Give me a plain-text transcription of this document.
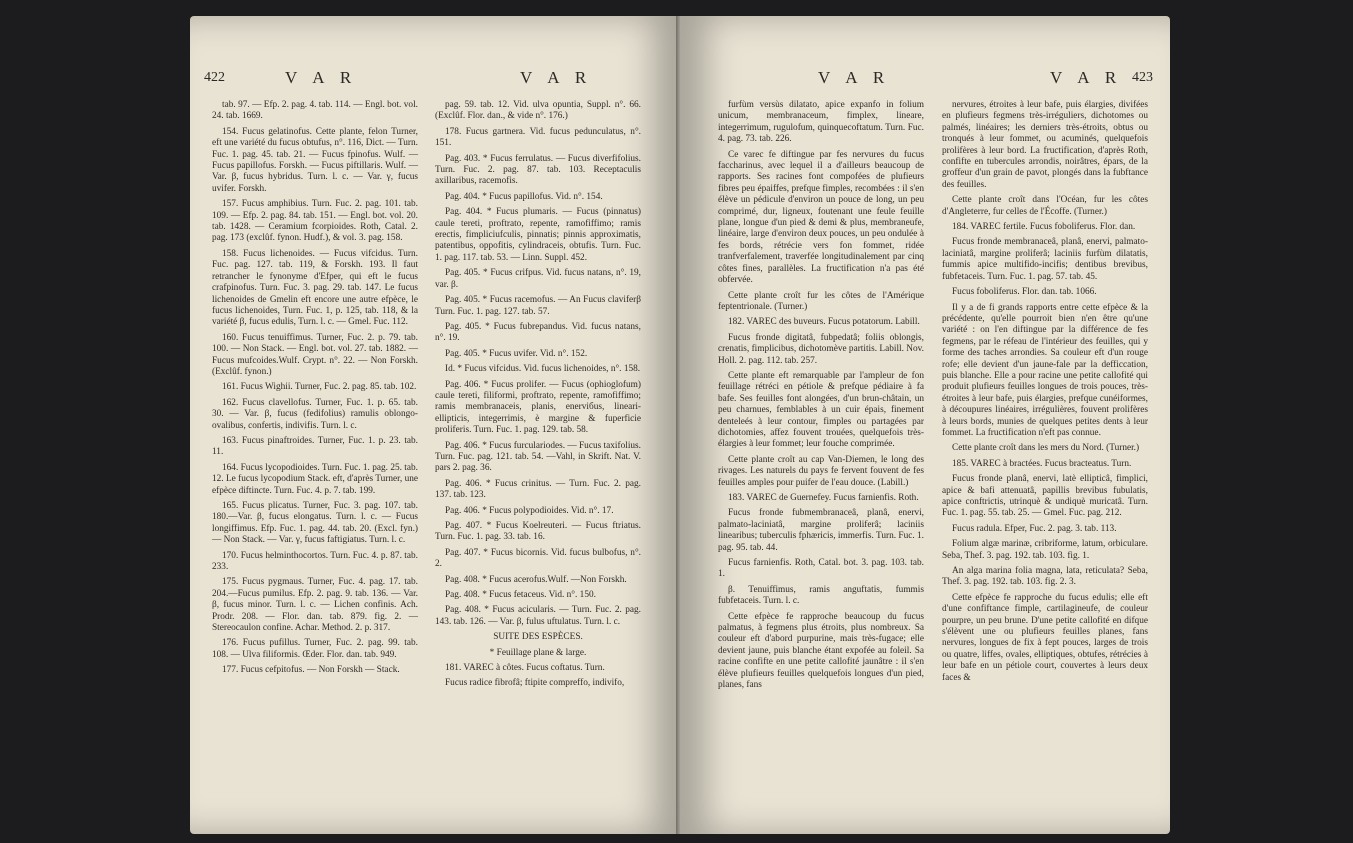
422	V A R	V A R

tab. 97. — Efp. 2. pag. 4. tab. 114. — Engl. bot. vol. 24. tab. 1669.

154. Fucus gelatinofus. Cette plante, felon Turner, eft une variété du fucus obtufus, n°. 116, Dict. — Turn. Fuc. 1. pag. 45. tab. 21. — Fucus fpinofus. Wulf. — Fucus papillofus. Forskh. — Fucus piftillaris. Wulf. — Var. β, fucus hybridus. Turn. l. c. — Var. γ, fucus uvifer. Forskh.

157. Fucus amphibius. Turn. Fuc. 2. pag. 101. tab. 109. — Efp. 2. pag. 84. tab. 151. — Engl. bot. vol. 20. tab. 1428. — Ceramium fcorpioides. Roth, Catal. 2. pag. 173 (exclûf. fynon. Hudf.), & vol. 3. pag. 158.

158. Fucus lichenoides. — Fucus vifcidus. Turn. Fuc. pag. 127. tab. 119, & Forskh. 193. Il faut retrancher le fynonyme d'Efper, qui eft le fucus crafpinofus. Turn. Fuc. 3. pag. 29. tab. 147. Le fucus lichenoides de Gmelin eft encore une autre efpèce, le fucus lichenoides, Turn. Fuc. 1, p. 125, tab. 118, & la variété β, fucus edulis, Turn. l. c. — Gmel. Fuc. 112.

160. Fucus tenuiffimus. Turner, Fuc. 2. p. 79. tab. 100. — Non Stack. — Engl. bot. vol. 27. tab. 1882. — Fucus mufcoides.Wulf. Crypt. n°. 22. — Non Forskh. (Exclûf. fynon.)

161. Fucus Wighii. Turner, Fuc. 2. pag. 85. tab. 102.

162. Fucus clavellofus. Turner, Fuc. 1. p. 65. tab. 30. — Var. β, fucus (fedifolius) ramulis oblongo-ovalibus, confertis, indivifis. Turn. l. c.

163. Fucus pinaftroides. Turner, Fuc. 1. p. 23. tab. 11.

164. Fucus lycopodioides. Turn. Fuc. 1. pag. 25. tab. 12. Le fucus lycopodium Stack. eft, d'après Turner, une efpèce diftincte. Turn. Fuc. 4. p. 7. tab. 199.

165. Fucus plicatus. Turner, Fuc. 3. pag. 107. tab. 180.—Var. β, fucus elongatus. Turn. l. c. — Fucus longiffimus. Efp. Fuc. 1. pag. 44. tab. 20. (Excl. fyn.) — Non Stack. — Var. γ, fucus faftigiatus. Turn. l. c.

170. Fucus helminthocortos. Turn. Fuc. 4. p. 87. tab. 233.

175. Fucus pygmaus. Turner, Fuc. 4. pag. 17. tab. 204.—Fucus pumilus. Efp. 2. pag. 9. tab. 136. — Var. β, fucus minor. Turn. l. c. — Lichen confinis. Ach. Prodr. 208. — Flor. dan. tab. 879. fig. 2. — Stereocaulon confine. Achar. Method. 2. p. 317.

176. Fucus pufillus. Turner, Fuc. 2. pag. 99. tab. 108. — Ulva filiformis. Œder. Flor. dan. tab. 949.

177. Fucus cefpitofus. — Non Forskh — Stack.

pag. 59. tab. 12. Vid. ulva opuntia, Suppl. n°. 66. (Exclûf. Flor. dan., & vide n°. 176.)

178. Fucus gartnera. Vid. fucus pedunculatus, n°. 151.

Pag. 403. * Fucus ferrulatus. — Fucus diverfifolius. Turn. Fuc. 2. pag. 87. tab. 103. Receptaculis axillaribus, racemofis.

Pag. 404. * Fucus papillofus. Vid. n°. 154.

Pag. 404. * Fucus plumaris. — Fucus (pinnatus) caule tereti, proftrato, repente, ramofiffimo; ramis erectis, fimpliciufculis, pinnatis; pinnis approximatis, patentibus, oppofitis, cylindraceis, obtufis. Turn. Fuc. 1. pag. 117. tab. 53. — Linn. Suppl. 452.

Pag. 405. * Fucus crifpus. Vid. fucus natans, n°. 19, var. β.

Pag. 405. * Fucus racemofus. — An Fucus claviferβ Turn. Fuc. 1. pag. 127. tab. 57.

Pag. 405. * Fucus fubrepandus. Vid. fucus natans, n°. 19.

Pag. 405. * Fucus uvifer. Vid. n°. 152.

Id. * Fucus vifcidus. Vid. fucus lichenoides, n°. 158.

Pag. 406. * Fucus prolifer. — Fucus (ophioglofum) caule tereti, filiformi, proftrato, repente, ramofiffimo; ramis membranaceis, planis, enerviбus, lineari-ellipticis, integerrimis, è margine & fuperficie proliferis. Turn. Fuc. 1. pag. 129. tab. 58.

Pag. 406. * Fucus furculariodes. — Fucus taxifolius. Turn. Fuc. pag. 121. tab. 54. —Vahl, in Skrift. Nat. V. pars 2. pag. 36.

Pag. 406. * Fucus crinitus. — Turn. Fuc. 2. pag. 137. tab. 123.

Pag. 406. * Fucus polypodioides. Vid. n°. 17.

Pag. 407. * Fucus Koelreuteri. — Fucus ftriatus. Turn. Fuc. 1. pag. 33. tab. 16.

Pag. 407. * Fucus bicornis. Vid. fucus bulbofus, n°. 2.

Pag. 408. * Fucus acerofus.Wulf. —Non Forskh.

Pag. 408. * Fucus fetaceus. Vid. n°. 150.

Pag. 408. * Fucus acicularis. — Turn. Fuc. 2. pag. 143. tab. 126. — Var. β, fulus uftulatus. Turn. l. c.

SUITE DES ESPÈCES.

* Feuillage plane & large.

181. VAREC à côtes. Fucus coftatus. Turn.

Fucus radice fibrofâ; ftipite compreffo, indivifo,

V A R	V A R 423

furfùm versùs dilatato, apice expanfo in folium unicum, membranaceum, fimplex, lineare, integerrimum, rugulofum, quinquecoftatum. Turn. Fuc. 4. pag. 73. tab. 226.

Ce varec fe diftingue par fes nervures du fucus faccharinus, avec lequel il a d'ailleurs beaucoup de rapports. Ses racines font compofées de plufieurs fibres peu épaiffes, prefque fimples, recombées : il s'en élève un pédicule d'environ un pouce de long, un peu comprimé, dur, ligneux, foutenant une feule feuille plane, longue d'un pied & demi & plus, membraneufe, linéaire, large d'environ deux pouces, un peu ondulée à fes bords, rétrécie vers fon fommet, ridée tranfverfalement, traverfée longitudinalement par cinq côtes fines, parallèles. La fructification n'a pas été obfervée.

Cette plante croît fur les côtes de l'Amérique feptentrionale. (Turner.)

182. VAREC des buveurs. Fucus potatorum. Labill.

Fucus fronde digitatâ, fubpedatâ; foliis oblongis, crenatis, fimplicibus, dichotomève partitis. Labill. Nov. Holl. 2. pag. 112. tab. 257.

Cette plante eft remarquable par l'ampleur de fon feuillage rétréci en pétiole & prefque pédiaire à fa bafe. Ses feuilles font alongées, d'un brun-châtain, un peu charnues, femblables à un cuir épais, finement denteleés à leur contour, fimples ou partagées par dichotomies, affez fouvent trouées, quelquefois très-élargies à leur fommet; leur fouche comprimée.

Cette plante croît au cap Van-Diemen, le long des rivages. Les naturels du pays fe fervent fouvent de fes feuilles amples pour puifer de l'eau douce. (Labill.)

183. VAREC de Guernefey. Fucus farnienfis. Roth.

Fucus fronde fubmembranaceâ, planâ, enervi, palmato-laciniatâ, margine proliferâ; laciniis linearibus; tuberculis fphæricis, immerfis. Turn. Fuc. 1. pag. 95. tab. 44.

Fucus farnienfis. Roth, Catal. bot. 3. pag. 103. tab. 1.

β. Tenuiffimus, ramis anguftatis, fummis fubfetaceis. Turn. l. c.

Cette efpèce fe rapproche beaucoup du fucus palmatus, à fegmens plus étroits, plus nombreux. Sa couleur eft d'abord purpurine, mais très-fugace; elle devient jaune, puis blanche étant expofée au foleil. Sa racine confifte en une petite callofité jaunâtre : il s'en élève plufieurs feuilles quelquefois longues d'un pied, planes, fans

nervures, étroites à leur bafe, puis élargies, divifées en plufieurs fegmens très-irréguliers, dichotomes ou palmés, linéaires; les derniers très-étroits, obtus ou tronqués à leur fommet, ou acuminés, quelquefois prolifères à leur bord. La fructification, d'après Roth, confifte en tubercules arrondis, noirâtres, épars, de la groffeur d'un grain de pavot, plongés dans la fubftance des feuilles.

Cette plante croît dans l'Océan, fur les côtes d'Angleterre, fur celles de l'Écoffe. (Turner.)

184. VAREC fertile. Fucus foboliferus. Flor. dan.

Fucus fronde membranaceâ, planâ, enervi, palmato-laciniatâ, margine proliferâ; laciniis furfùm dilatatis, fummis apice multifido-incifis; dentibus brevibus, fubfetaceis. Turn. Fuc. 1. pag. 57. tab. 45.

Fucus foboliferus. Flor. dan. tab. 1066.

Il y a de fi grands rapports entre cette efpèce & la précédente, qu'elle pourroit bien n'en être qu'une variété : on l'en diftingue par la différence de fes fegmens, par le réfeau de l'intérieur des feuilles, qui y forme des taches arrondies. Sa couleur eft d'un rouge rofe; elle devient d'un jaune-fale par la defficcation, puis blanche. Elle a pour racine une petite callofité qui produit plufieurs feuilles longues de trois pouces, très-étroites à leur bafe, puis élargies, prefque cunéiformes, à découpures linéaires, irrégulières, fouvent prolifères à leurs bords, munies de quelques petites dents à leur fommet. La fructification n'eft pas connue.

Cette plante croît dans les mers du Nord. (Turner.)

185. VAREC à bractées. Fucus bracteatus. Turn.

Fucus fronde planâ, enervi, latè ellipticâ, fimplici, apice & bafi attenuatâ, papillis brevibus fubulatis, apice conftrictis, utrinquè & undiquè muricatâ. Turn. Fuc. 1. pag. 55. tab. 25. — Gmel. Fuc. pag. 212.

Fucus radula. Efper, Fuc. 2. pag. 3. tab. 113.

Folium algæ marinæ, cribriforme, latum, orbiculare. Seba, Thef. 3. pag. 192. tab. 103. fig. 1.

An alga marina folia magna, lata, reticulata? Seba, Thef. 3. pag. 192. tab. 103. fig. 2. 3.

Cette efpèce fe rapproche du fucus edulis; elle eft d'une confiftance fimple, cartilagineufe, de couleur pourpre, un peu brune. D'une petite callofité en difque s'élèvent une ou plufieurs feuilles planes, fans nervures, longues de fix à fept pouces, larges de trois ou quatre, liffes, ovales, elliptiques, obtufes, rétrécies à leur bafe en un pétiole court, couvertes à leurs deux faces &
